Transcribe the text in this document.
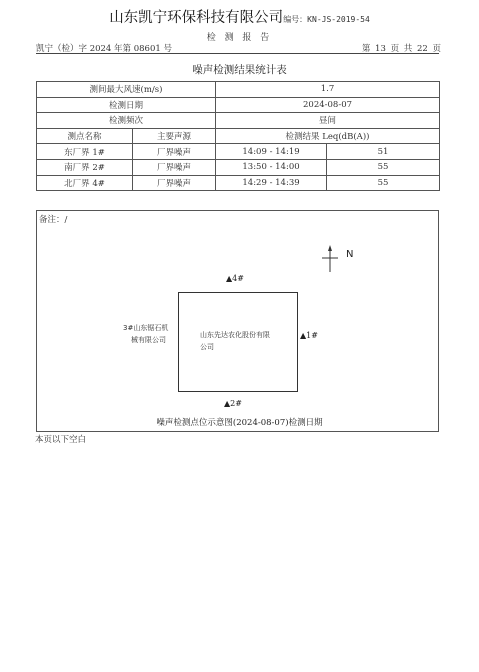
山东凯宁环保科技有限公司编号：KN-JS-2019-54
检 测 报 告
凯宁（检）字 2024 年第 08601 号	第 13 页 共 22 页
噪声检测结果统计表
测间最大风速(m/s)		1.7	
检测日期		2024-08-07	
检测频次		昼间	
测点名称	主要声源	检测结果 Leq(dB(A))	
东厂界 1#	厂界噪声	14:09 - 14:19	51
南厂界 2#	厂界噪声	13:50 - 14:00	55
北厂界 4#	厂界噪声	14:29 - 14:39	55
备注：/
N
▲4#
▲1#
▲2#
3#山东锯石机
械有限公司
山东先达农化股份有限
公司
噪声检测点位示意图(2024-08-07)检测日期
本页以下空白
